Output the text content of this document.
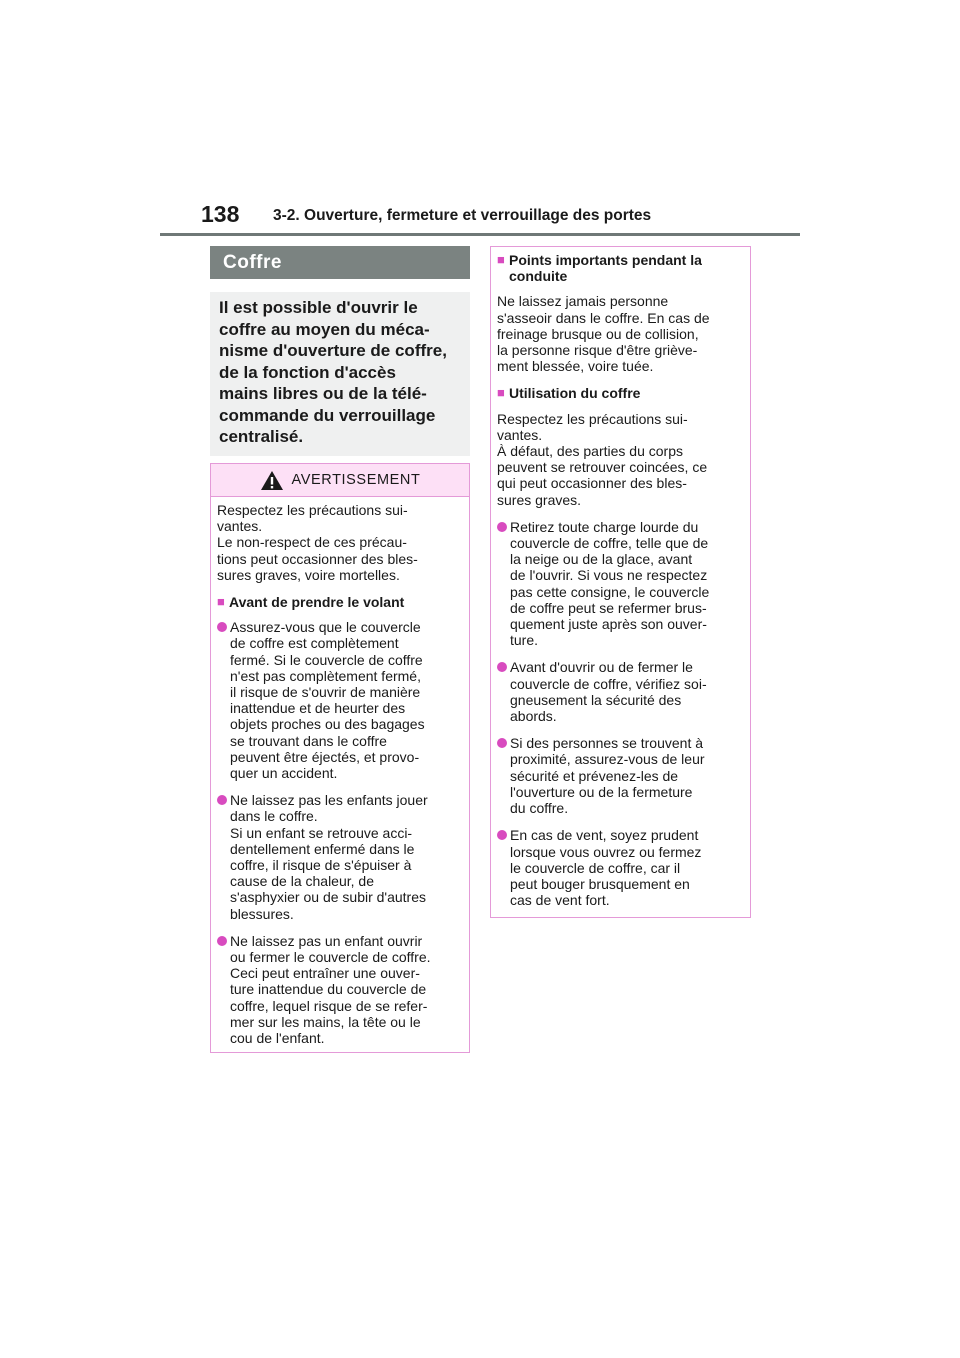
138 3-2. Ouverture, fermeture et verrouillage des portes
Coffre

Il est possible d'ouvrir le
coffre au moyen du méca-
nisme d'ouverture de coffre,
de la fonction d'accès
mains libres ou de la télé-
commande du verrouillage
centralisé.

AVERTISSEMENT

Respectez les précautions sui-
vantes.
Le non-respect de ces précau-
tions peut occasionner des bles-
sures graves, voire mortelles.

■ Avant de prendre le volant
Assurez-vous que le couvercle
de coffre est complètement
fermé. Si le couvercle de coffre
n'est pas complètement fermé,
il risque de s'ouvrir de manière
inattendue et de heurter des
objets proches ou des bagages
se trouvant dans le coffre
peuvent être éjectés, et provo-
quer un accident.
Ne laissez pas les enfants jouer
dans le coffre.
Si un enfant se retrouve acci-
dentellement enfermé dans le
coffre, il risque de s'épuiser à
cause de la chaleur, de
s'asphyxier ou de subir d'autres
blessures.
Ne laissez pas un enfant ouvrir
ou fermer le couvercle de coffre.
Ceci peut entraîner une ouver-
ture inattendue du couvercle de
coffre, lequel risque de se refer-
mer sur les mains, la tête ou le
cou de l'enfant.
■ Points importants pendant la
conduite

Ne laissez jamais personne
s'asseoir dans le coffre. En cas de
freinage brusque ou de collision,
la personne risque d'être griève-
ment blessée, voire tuée.

■ Utilisation du coffre

Respectez les précautions sui-
vantes.
À défaut, des parties du corps
peuvent se retrouver coincées, ce
qui peut occasionner des bles-
sures graves.

Retirez toute charge lourde du
couvercle de coffre, telle que de
la neige ou de la glace, avant
de l'ouvrir. Si vous ne respectez
pas cette consigne, le couvercle
de coffre peut se refermer brus-
quement juste après son ouver-
ture.
Avant d'ouvrir ou de fermer le
couvercle de coffre, vérifiez soi-
gneusement la sécurité des
abords.
Si des personnes se trouvent à
proximité, assurez-vous de leur
sécurité et prévenez-les de
l'ouverture ou de la fermeture
du coffre.
En cas de vent, soyez prudent
lorsque vous ouvrez ou fermez
le couvercle de coffre, car il
peut bouger brusquement en
cas de vent fort.
